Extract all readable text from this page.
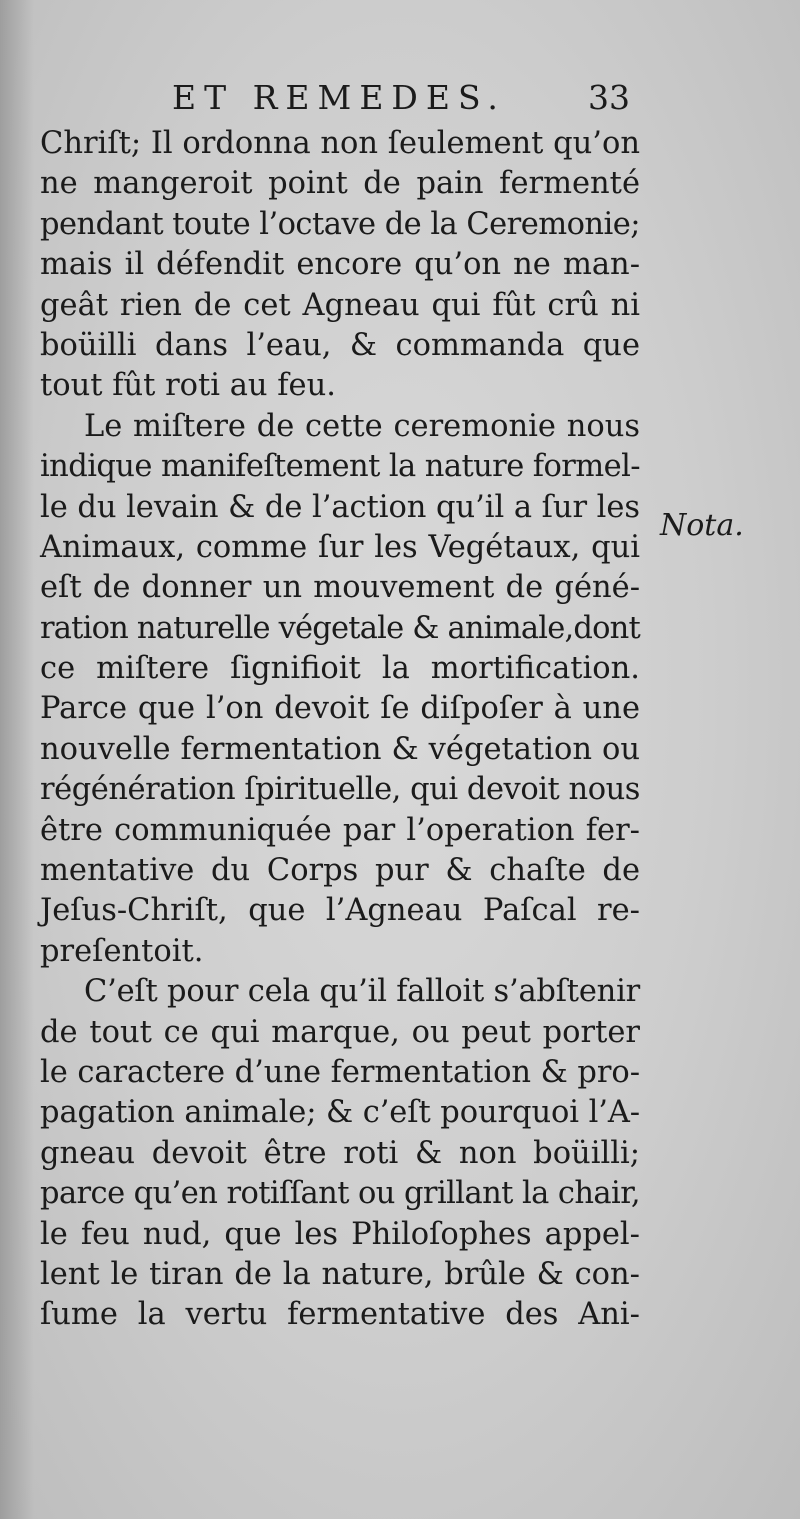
ET REMEDES. 33
Chriſt; Il ordonna non ſeulement qu’on
ne mangeroit point de pain fermenté
pendant toute l’octave de la Ceremonie;
mais il défendit encore qu’on ne man-
geât rien de cet Agneau qui fût crû ni
boüilli dans l’eau, & commanda que
tout fût roti au feu.
Le miſtere de cette ceremonie nous
indique manifeſtement la nature formel-
le du levain & de l’action qu’il a ſur les
Animaux, comme ſur les Vegétaux, qui
eſt de donner un mouvement de géné-
ration naturelle végetale & animale,dont
ce miſtere ſignifioit la mortification.
Parce que l’on devoit ſe diſpoſer à une
nouvelle fermentation & végetation ou
régénération ſpirituelle, qui devoit nous
être communiquée par l’operation fer-
mentative du Corps pur & chaſte de
Jeſus-Chriſt, que l’Agneau Paſcal re-
preſentoit.
C’eſt pour cela qu’il falloit s’abſtenir
de tout ce qui marque, ou peut porter
le caractere d’une fermentation & pro-
pagation animale; & c’eſt pourquoi l’A-
gneau devoit être roti & non boüilli;
parce qu’en rotiſſant ou grillant la chair,
le feu nud, que les Philoſophes appel-
lent le tiran de la nature, brûle & con-
ſume la vertu fermentative des Ani-
Nota.
